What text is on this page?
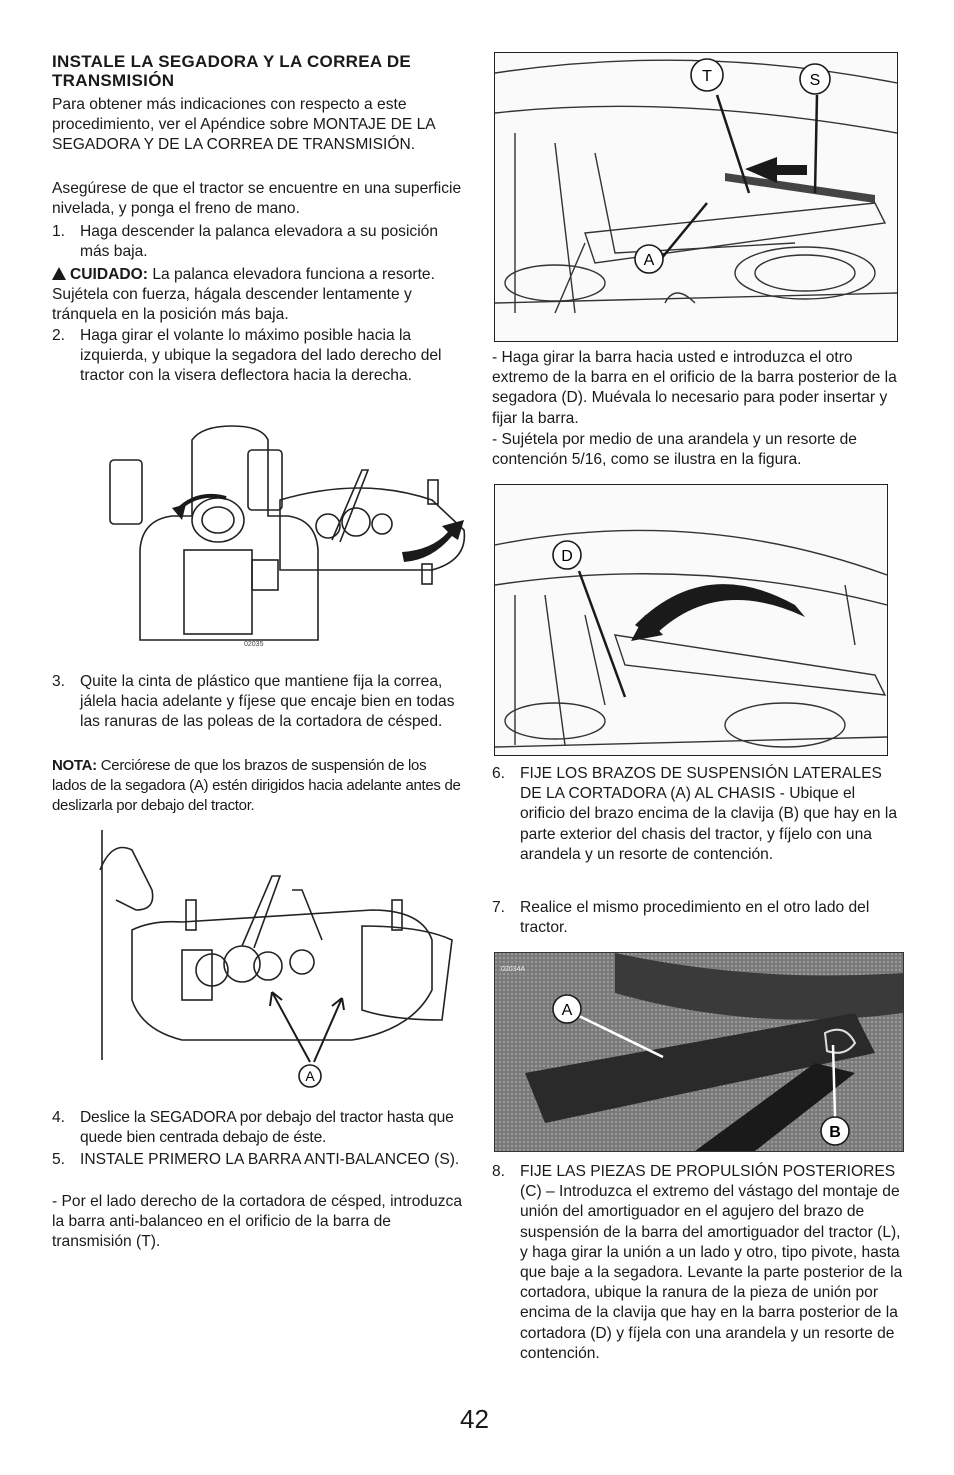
INSTALE LA SEGADORA Y LA CORREA DE TRANSMISIÓN

Para obtener más indicaciones con respecto a este procedimiento, ver el Apéndice sobre MONTAJE DE LA SEGADORA Y DE LA CORREA DE TRANSMISIÓN.

Asegúrese de que el tractor se encuentre en una superficie nivelada, y ponga el freno de mano.

1. Haga descender la palanca elevadora a su posición más baja.
CUIDADO: La palanca elevadora funciona a resorte. Sujétela con fuerza, hágala descender lentamente y tránquela en la posición más baja.
2. Haga girar el volante lo máximo posible hacia la izquierda, y ubique la segadora del lado derecho del tractor con la visera deflectora hacia la derecha.
02035
3. Quite la cinta de plástico que mantiene fija la correa, jálela hacia adelante y fíjese que encaje bien en todas las ranuras de las poleas de la cortadora de césped.
NOTA: Cerciórese de que los brazos de suspensión de los lados de la segadora (A) estén dirigidos hacia adelante antes de deslizarla por debajo del tractor.
A
4. Deslice la SEGADORA por debajo del tractor hasta que quede bien centrada debajo de éste.
5. INSTALE PRIMERO LA BARRA ANTI-BALANCEO (S).

- Por el lado derecho de la cortadora de césped, introduzca la barra anti-balanceo en el orificio de la barra de transmisión (T).

T	S
A

- Haga girar la barra hacia usted e introduzca el otro extremo de la barra en el orificio de la barra posterior de la segadora (D). Muévala lo necesario para poder insertar y fijar la barra.

- Sujétela por medio de una arandela y un resorte de contención 5/16, como se ilustra en la figura.

D
6. FIJE LOS BRAZOS DE SUSPENSIÓN LATERALES DE LA CORTADORA (A) AL CHASIS - Ubique el orificio del brazo encima de la clavija (B) que hay en la parte exterior del chasis del tractor, y fíjelo con una arandela y un resorte de contención.
7. Realice el mismo procedimiento en el otro lado del tractor.
A
B
02034A
8. FIJE LAS PIEZAS DE PROPULSIÓN POSTERIORES (C) – Introduzca el extremo del vástago del montaje de unión del amortiguador en el agujero del brazo de suspensión de la barra del amortiguador del tractor (L), y haga girar la unión a un lado y otro, tipo pivote, hasta que baje a la segadora. Levante la parte posterior de la cortadora, ubique la ranura de la pieza de unión por encima de la clavija que hay en la barra posterior de la cortadora (D) y fíjela con una arandela y un resorte de contención.
42
